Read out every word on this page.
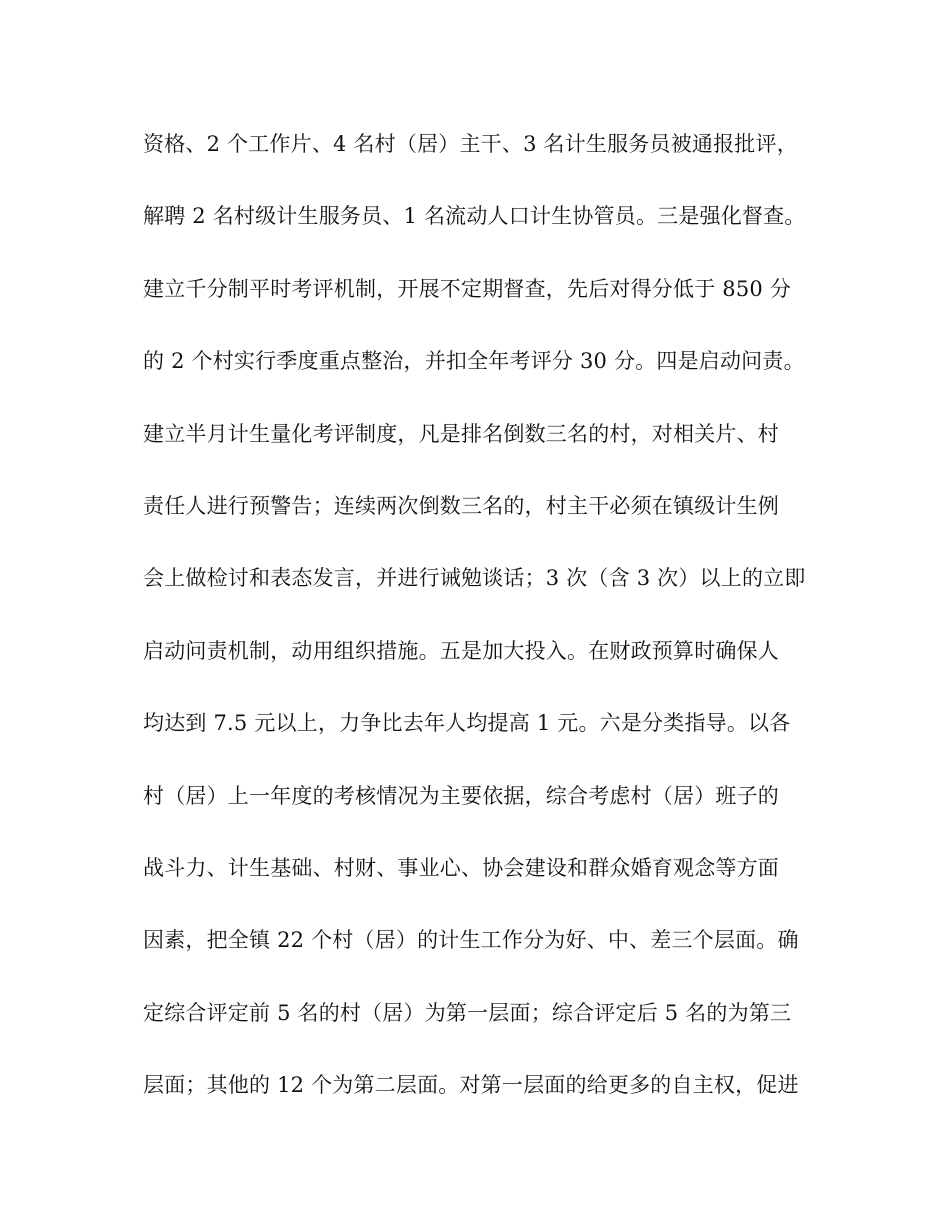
资格、2 个工作片、4 名村（居）主干、3 名计生服务员被通报批评，
解聘 2 名村级计生服务员、1 名流动人口计生协管员。三是强化督查。
建立千分制平时考评机制，开展不定期督查，先后对得分低于 850 分
的 2 个村实行季度重点整治，并扣全年考评分 30 分。四是启动问责。
建立半月计生量化考评制度，凡是排名倒数三名的村，对相关片、村
责任人进行预警告；连续两次倒数三名的，村主干必须在镇级计生例
会上做检讨和表态发言，并进行诫勉谈话；3 次（含 3 次）以上的立即
启动问责机制，动用组织措施。五是加大投入。在财政预算时确保人
均达到 7.5 元以上，力争比去年人均提高 1 元。六是分类指导。以各
村（居）上一年度的考核情况为主要依据，综合考虑村（居）班子的
战斗力、计生基础、村财、事业心、协会建设和群众婚育观念等方面
因素，把全镇 22 个村（居）的计生工作分为好、中、差三个层面。确
定综合评定前 5 名的村（居）为第一层面；综合评定后 5 名的为第三
层面；其他的 12 个为第二层面。对第一层面的给更多的自主权，促进
